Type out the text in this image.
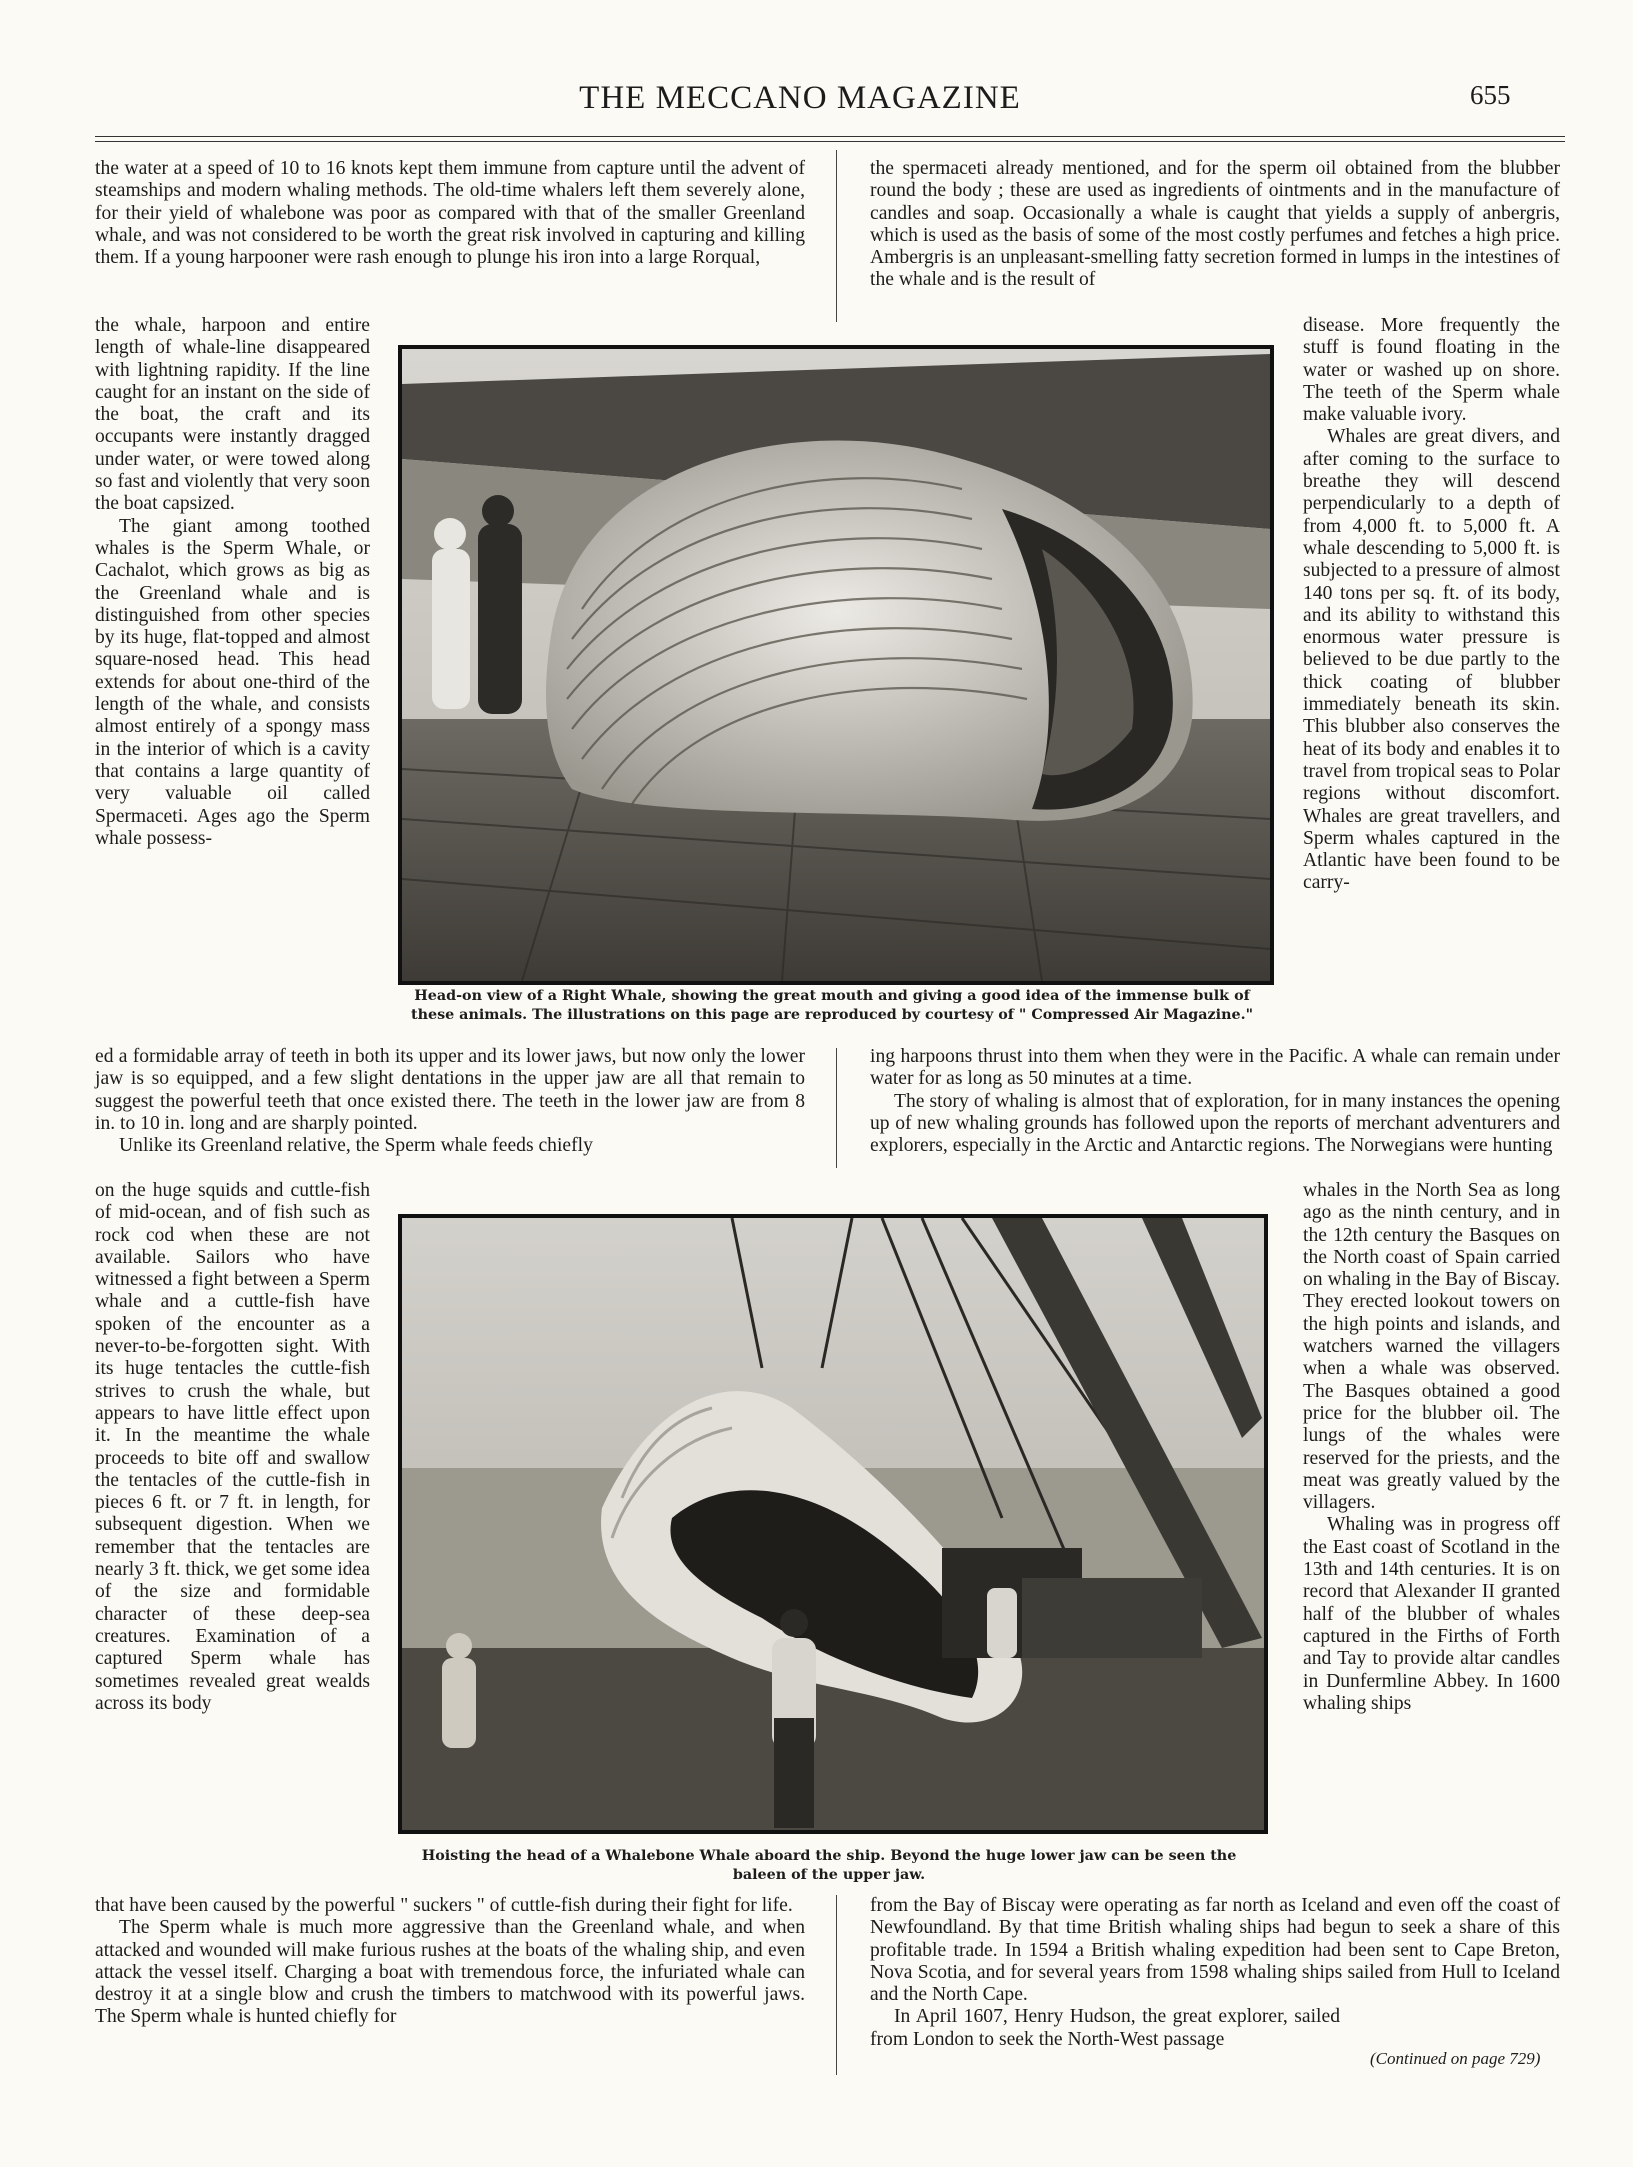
THE MECCANO MAGAZINE	655

the water at a speed of 10 to 16 knots kept them immune from capture until the advent of steamships and modern whaling methods. The old-time whalers left them severely alone, for their yield of whalebone was poor as compared with that of the smaller Greenland whale, and was not considered to be worth the great risk involved in capturing and killing them. If a young harpooner were rash enough to plunge his iron into a large Rorqual,

the whale, harpoon and entire length of whale-line disappeared with lightning rapidity. If the line caught for an instant on the side of the boat, the craft and its occupants were instantly dragged under water, or were towed along so fast and violently that very soon the boat capsized.

The giant among toothed whales is the Sperm Whale, or Cachalot, which grows as big as the Greenland whale and is distinguished from other species by its huge, flat-topped and almost square-nosed head. This head extends for about one-third of the length of the whale, and consists almost entirely of a spongy mass in the interior of which is a cavity that contains a large quantity of very valuable oil called Spermaceti. Ages ago the Sperm whale possess-

ed a formidable array of teeth in both its upper and its lower jaws, but now only the lower jaw is so equipped, and a few slight dentations in the upper jaw are all that remain to suggest the powerful teeth that once existed there. The teeth in the lower jaw are from 8 in. to 10 in. long and are sharply pointed.

Unlike its Greenland relative, the Sperm whale feeds chiefly

on the huge squids and cuttle-fish of mid-ocean, and of fish such as rock cod when these are not available. Sailors who have witnessed a fight between a Sperm whale and a cuttle-fish have spoken of the encounter as a never-to-be-forgotten sight. With its huge tentacles the cuttle-fish strives to crush the whale, but appears to have little effect upon it. In the meantime the whale proceeds to bite off and swallow the tentacles of the cuttle-fish in pieces 6 ft. or 7 ft. in length, for subsequent digestion. When we remember that the tentacles are nearly 3 ft. thick, we get some idea of the size and formidable character of these deep-sea creatures. Examination of a captured Sperm whale has sometimes revealed great wealds across its body

that have been caused by the powerful " suckers " of cuttle-fish during their fight for life.

The Sperm whale is much more aggressive than the Greenland whale, and when attacked and wounded will make furious rushes at the boats of the whaling ship, and even attack the vessel itself. Charging a boat with tremendous force, the infuriated whale can destroy it at a single blow and crush the timbers to matchwood with its powerful jaws. The Sperm whale is hunted chiefly for

the spermaceti already mentioned, and for the sperm oil obtained from the blubber round the body ; these are used as ingredients of ointments and in the manufacture of candles and soap. Occasionally a whale is caught that yields a supply of anbergris, which is used as the basis of some of the most costly perfumes and fetches a high price. Ambergris is an unpleasant-smelling fatty secretion formed in lumps in the intestines of the whale and is the result of

disease. More frequently the stuff is found floating in the water or washed up on shore. The teeth of the Sperm whale make valuable ivory.

Whales are great divers, and after coming to the surface to breathe they will descend perpendicularly to a depth of from 4,000 ft. to 5,000 ft. A whale descending to 5,000 ft. is subjected to a pressure of almost 140 tons per sq. ft. of its body, and its ability to withstand this enormous water pressure is believed to be due partly to the thick coating of blubber immediately beneath its skin. This blubber also conserves the heat of its body and enables it to travel from tropical seas to Polar regions without discomfort. Whales are great travellers, and Sperm whales captured in the Atlantic have been found to be carry-

ing harpoons thrust into them when they were in the Pacific. A whale can remain under water for as long as 50 minutes at a time.

The story of whaling is almost that of exploration, for in many instances the opening up of new whaling grounds has followed upon the reports of merchant adventurers and explorers, especially in the Arctic and Antarctic regions. The Norwegians were hunting

whales in the North Sea as long ago as the ninth century, and in the 12th century the Basques on the North coast of Spain carried on whaling in the Bay of Biscay. They erected lookout towers on the high points and islands, and watchers warned the villagers when a whale was observed. The Basques obtained a good price for the blubber oil. The lungs of the whales were reserved for the priests, and the meat was greatly valued by the villagers.

Whaling was in progress off the East coast of Scotland in the 13th and 14th centuries. It is on record that Alexander II granted half of the blubber of whales captured in the Firths of Forth and Tay to provide altar candles in Dunfermline Abbey. In 1600 whaling ships

from the Bay of Biscay were operating as far north as Iceland and even off the coast of Newfoundland. By that time British whaling ships had begun to seek a share of this profitable trade. In 1594 a British whaling expedition had been sent to Cape Breton, Nova Scotia, and for several years from 1598 whaling ships sailed from Hull to Iceland and the North Cape.

In April 1607, Henry Hudson, the great explorer, sailed from London to seek the North-West passage

(Continued on page 729)
Head-on view of a Right Whale, showing the great mouth and giving a good idea of the immense bulk of these animals. The illustrations on this page are reproduced by courtesy of " Compressed Air Magazine."
Hoisting the head of a Whalebone Whale aboard the ship. Beyond the huge lower jaw can be seen the baleen of the upper jaw.
